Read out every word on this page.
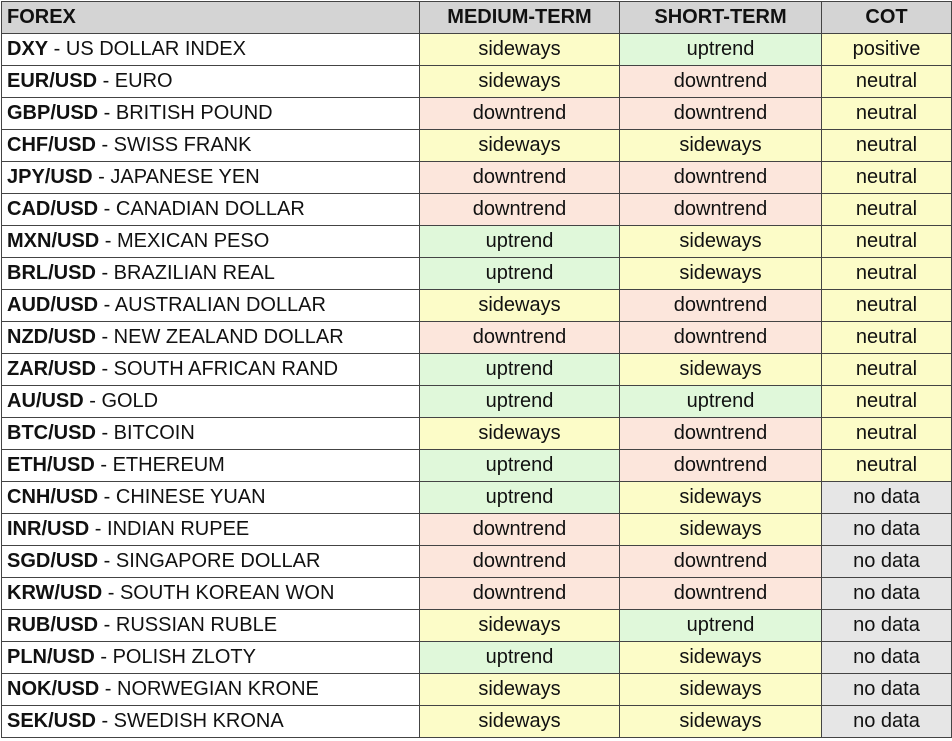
FOREX	MEDIUM-TERM	SHORT-TERM	COT
DXY - US DOLLAR INDEX	sideways	uptrend	positive
EUR/USD - EURO	sideways	downtrend	neutral
GBP/USD - BRITISH POUND	downtrend	downtrend	neutral
CHF/USD - SWISS FRANK	sideways	sideways	neutral
JPY/USD - JAPANESE YEN	downtrend	downtrend	neutral
CAD/USD - CANADIAN DOLLAR	downtrend	downtrend	neutral
MXN/USD - MEXICAN PESO	uptrend	sideways	neutral
BRL/USD - BRAZILIAN REAL	uptrend	sideways	neutral
AUD/USD - AUSTRALIAN DOLLAR	sideways	downtrend	neutral
NZD/USD - NEW ZEALAND DOLLAR	downtrend	downtrend	neutral
ZAR/USD - SOUTH AFRICAN RAND	uptrend	sideways	neutral
AU/USD - GOLD	uptrend	uptrend	neutral
BTC/USD - BITCOIN	sideways	downtrend	neutral
ETH/USD - ETHEREUM	uptrend	downtrend	neutral
CNH/USD - CHINESE YUAN	uptrend	sideways	no data
INR/USD - INDIAN RUPEE	downtrend	sideways	no data
SGD/USD - SINGAPORE DOLLAR	downtrend	downtrend	no data
KRW/USD - SOUTH KOREAN WON	downtrend	downtrend	no data
RUB/USD - RUSSIAN RUBLE	sideways	uptrend	no data
PLN/USD - POLISH ZLOTY	uptrend	sideways	no data
NOK/USD - NORWEGIAN KRONE	sideways	sideways	no data
SEK/USD - SWEDISH KRONA	sideways	sideways	no data
